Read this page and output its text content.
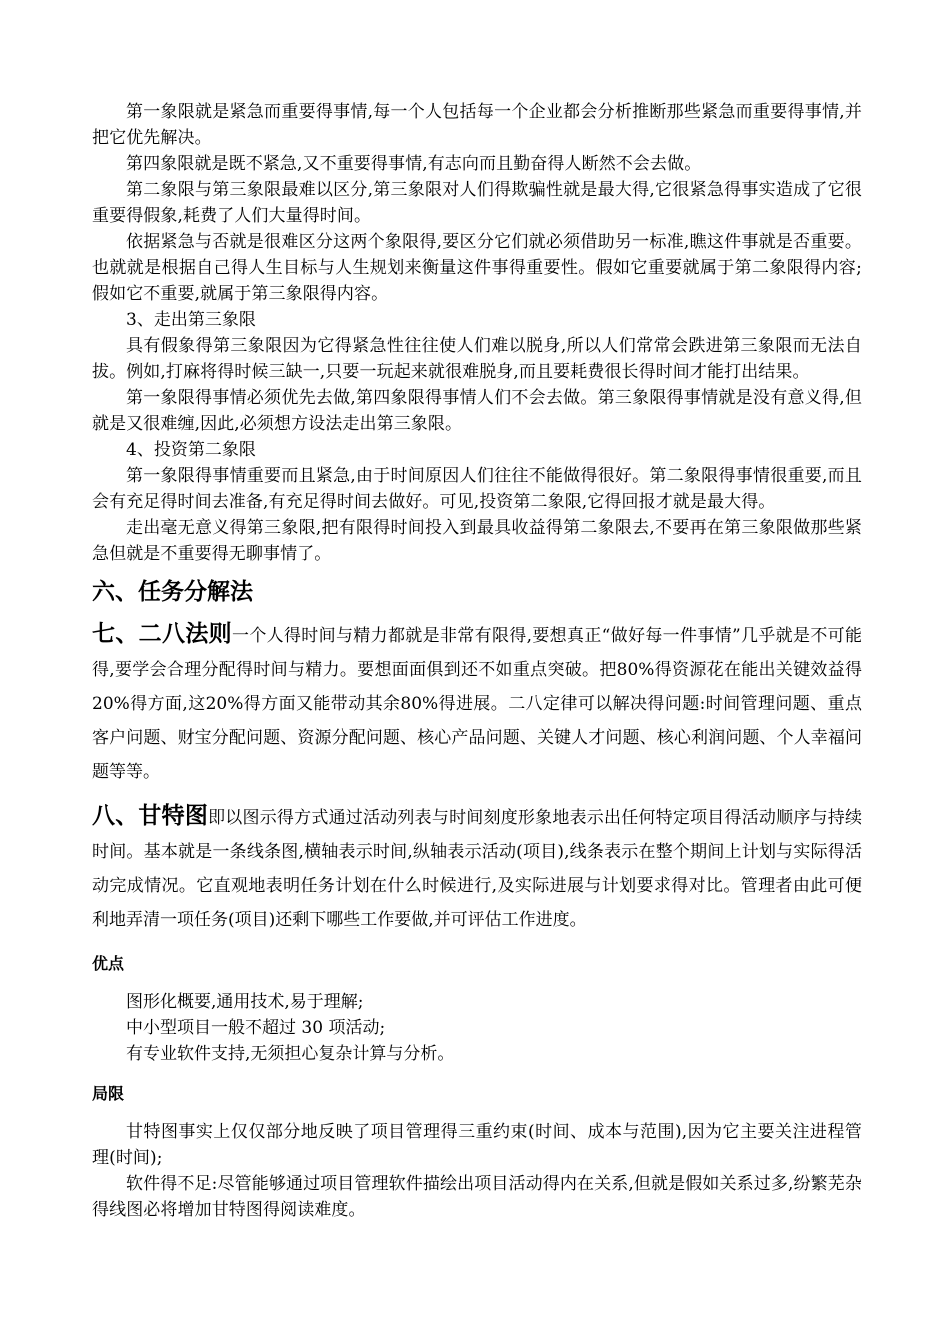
第一象限就是紧急而重要得事情,每一个人包括每一个企业都会分析推断那些紧急而重要得事情,并把它优先解决。

第四象限就是既不紧急,又不重要得事情,有志向而且勤奋得人断然不会去做。

第二象限与第三象限最难以区分,第三象限对人们得欺骗性就是最大得,它很紧急得事实造成了它很重要得假象,耗费了人们大量得时间。

依据紧急与否就是很难区分这两个象限得,要区分它们就必须借助另一标准,瞧这件事就是否重要。也就就是根据自己得人生目标与人生规划来衡量这件事得重要性。假如它重要就属于第二象限得内容;假如它不重要,就属于第三象限得内容。

3、走出第三象限

具有假象得第三象限因为它得紧急性往往使人们难以脱身,所以人们常常会跌进第三象限而无法自拔。例如,打麻将得时候三缺一,只要一玩起来就很难脱身,而且要耗费很长得时间才能打出结果。

第一象限得事情必须优先去做,第四象限得事情人们不会去做。第三象限得事情就是没有意义得,但就是又很难缠,因此,必须想方设法走出第三象限。

4、投资第二象限

第一象限得事情重要而且紧急,由于时间原因人们往往不能做得很好。第二象限得事情很重要,而且会有充足得时间去准备,有充足得时间去做好。可见,投资第二象限,它得回报才就是最大得。

走出毫无意义得第三象限,把有限得时间投入到最具收益得第二象限去,不要再在第三象限做那些紧急但就是不重要得无聊事情了。

六、任务分解法

七、二八法则一个人得时间与精力都就是非常有限得,要想真正“做好每一件事情”几乎就是不可能得,要学会合理分配得时间与精力。要想面面俱到还不如重点突破。把80%得资源花在能出关键效益得20%得方面,这20%得方面又能带动其余80%得进展。二八定律可以解决得问题:时间管理问题、重点客户问题、财宝分配问题、资源分配问题、核心产品问题、关键人才问题、核心利润问题、个人幸福问题等等。

八、甘特图即以图示得方式通过活动列表与时间刻度形象地表示出任何特定项目得活动顺序与持续时间。基本就是一条线条图,横轴表示时间,纵轴表示活动(项目),线条表示在整个期间上计划与实际得活动完成情况。它直观地表明任务计划在什么时候进行,及实际进展与计划要求得对比。管理者由此可便利地弄清一项任务(项目)还剩下哪些工作要做,并可评估工作进度。

优点

图形化概要,通用技术,易于理解;

中小型项目一般不超过 30 项活动;

有专业软件支持,无须担心复杂计算与分析。

局限

甘特图事实上仅仅部分地反映了项目管理得三重约束(时间、成本与范围),因为它主要关注进程管理(时间);

软件得不足:尽管能够通过项目管理软件描绘出项目活动得内在关系,但就是假如关系过多,纷繁芜杂得线图必将增加甘特图得阅读难度。
